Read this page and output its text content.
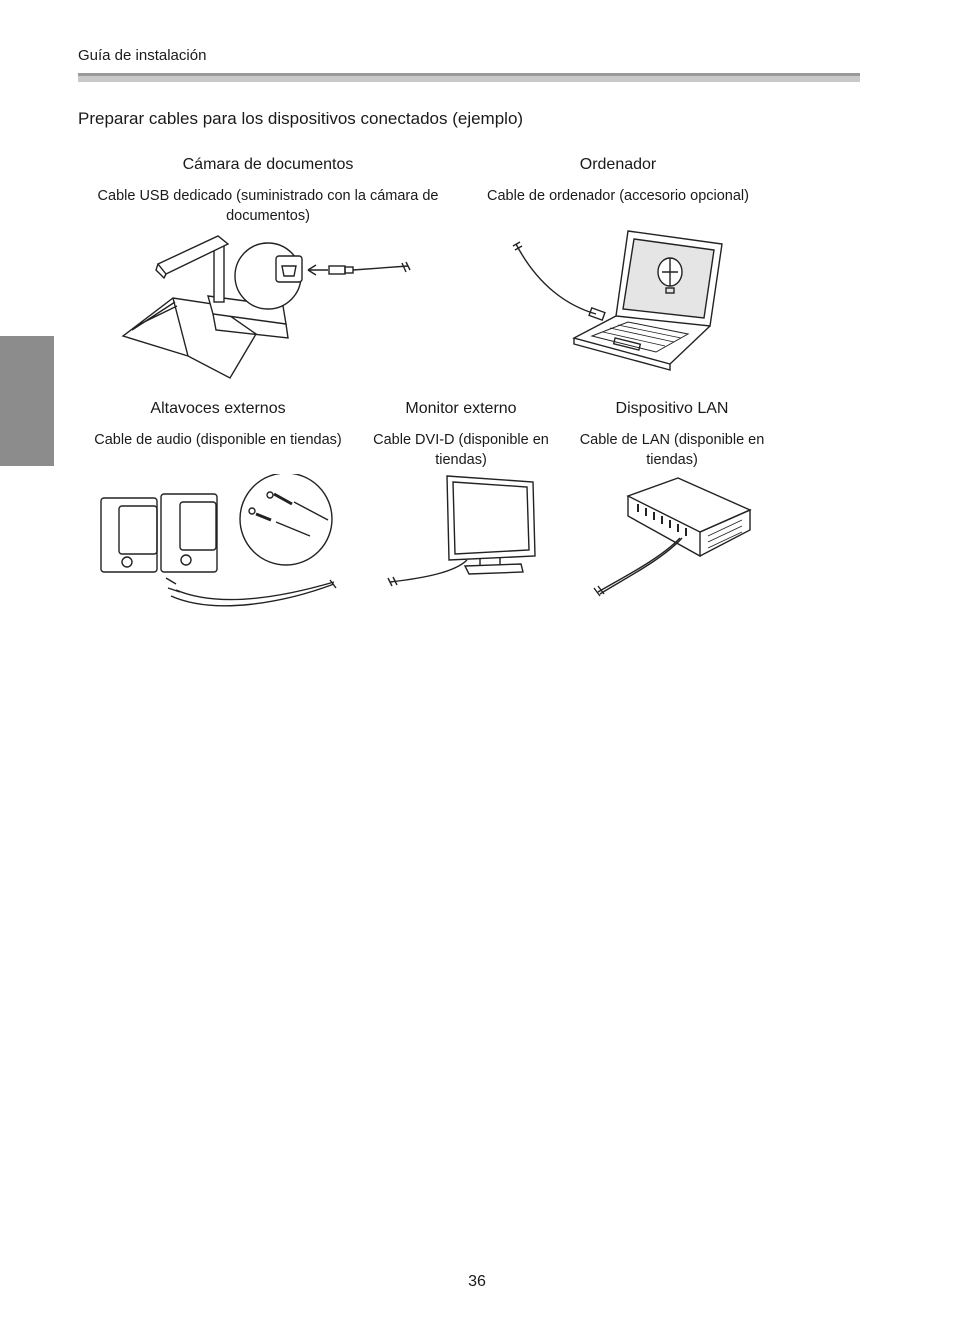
Guía de instalación
Preparar cables para los dispositivos conectados (ejemplo)
Cámara de documentos
Cable USB dedicado (suministrado con la cámara de documentos)
Ordenador
Cable de ordenador (accesorio opcional)
Altavoces externos
Cable de audio (disponible en tiendas)
Monitor externo
Cable DVI-D (disponible en tiendas)
Dispositivo LAN
Cable de LAN (disponible en tiendas)
36
